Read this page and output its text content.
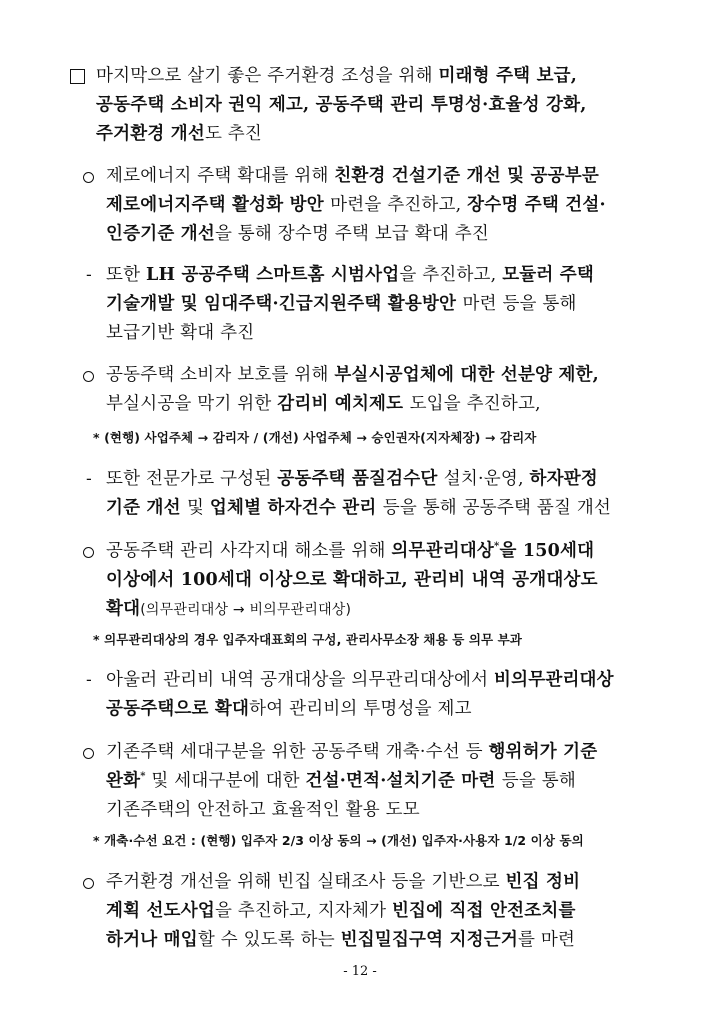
마지막으로 살기 좋은 주거환경 조성을 위해 미래형 주택 보급,
공동주택 소비자 권익 제고, 공동주택 관리 투명성·효율성 강화,
주거환경 개선도 추진
제로에너지 주택 확대를 위해 친환경 건설기준 개선 및 공공부문
제로에너지주택 활성화 방안 마련을 추진하고, 장수명 주택 건설·
인증기준 개선을 통해 장수명 주택 보급 확대 추진
- 또한 LH 공공주택 스마트홈 시범사업을 추진하고, 모듈러 주택
기술개발 및 임대주택·긴급지원주택 활용방안 마련 등을 통해
보급기반 확대 추진
공동주택 소비자 보호를 위해 부실시공업체에 대한 선분양 제한,
부실시공을 막기 위한 감리비 예치제도 도입을 추진하고,
* (현행) 사업주체 → 감리자 / (개선) 사업주체 → 승인권자(지자체장) → 감리자
- 또한 전문가로 구성된 공동주택 품질검수단 설치·운영, 하자판정
기준 개선 및 업체별 하자건수 관리 등을 통해 공동주택 품질 개선
공동주택 관리 사각지대 해소를 위해 의무관리대상*을 150세대
이상에서 100세대 이상으로 확대하고, 관리비 내역 공개대상도
확대(의무관리대상 → 비의무관리대상)
* 의무관리대상의 경우 입주자대표회의 구성, 관리사무소장 채용 등 의무 부과
- 아울러 관리비 내역 공개대상을 의무관리대상에서 비의무관리대상
공동주택으로 확대하여 관리비의 투명성을 제고
기존주택 세대구분을 위한 공동주택 개축·수선 등 행위허가 기준
완화* 및 세대구분에 대한 건설·면적·설치기준 마련 등을 통해
기존주택의 안전하고 효율적인 활용 도모
* 개축·수선 요건 : (현행) 입주자 2/3 이상 동의 → (개선) 입주자·사용자 1/2 이상 동의
주거환경 개선을 위해 빈집 실태조사 등을 기반으로 빈집 정비
계획 선도사업을 추진하고, 지자체가 빈집에 직접 안전조치를
하거나 매입할 수 있도록 하는 빈집밀집구역 지정근거를 마련
- 12 -
